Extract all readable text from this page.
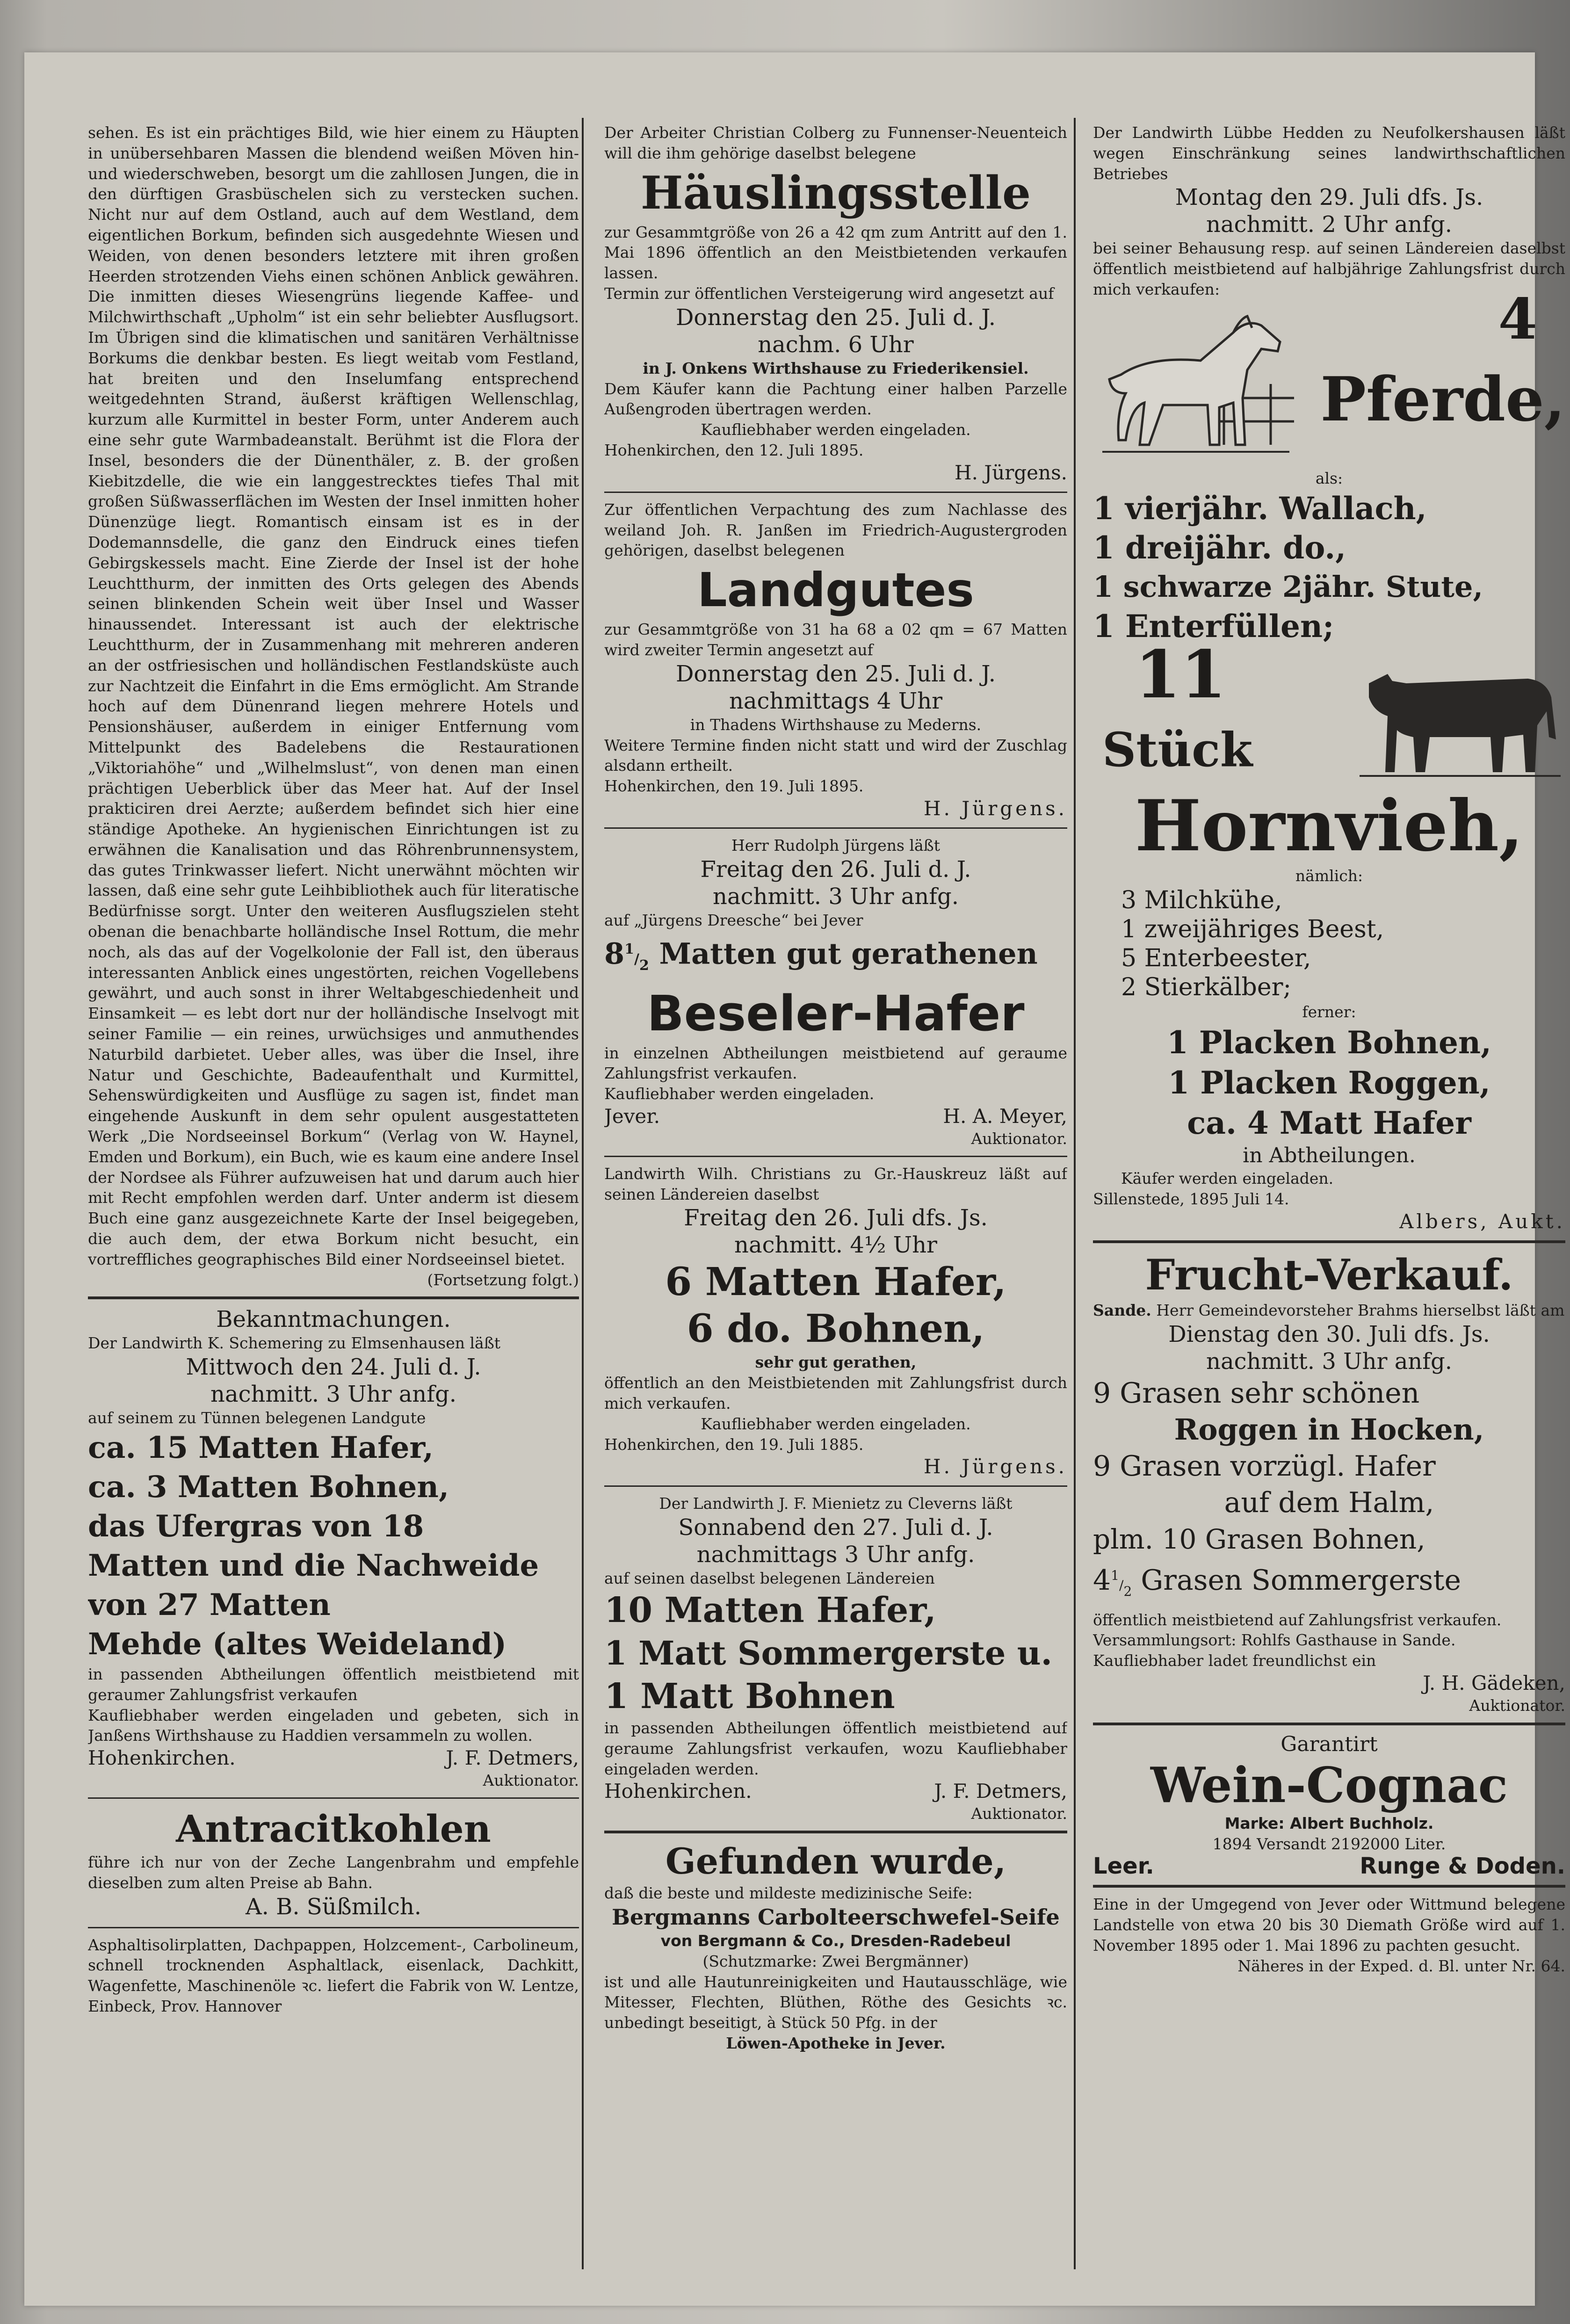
sehen. Es ist ein prächtiges Bild, wie hier einem zu Häupten in unübersehbaren Massen die blendend weißen Möven hin- und wiederschweben, besorgt um die zahllosen Jungen, die in den dürftigen Grasbüschelen sich zu verstecken suchen. Nicht nur auf dem Ostland, auch auf dem Westland, dem eigentlichen Borkum, befinden sich ausgedehnte Wiesen und Weiden, von denen besonders letztere mit ihren großen Heerden strotzenden Viehs einen schönen Anblick gewähren. Die inmitten dieses Wiesengrüns liegende Kaffee- und Milchwirthschaft „Upholm“ ist ein sehr beliebter Ausflugsort. Im Übrigen sind die klimatischen und sanitären Verhältnisse Borkums die denkbar besten. Es liegt weitab vom Festland, hat breiten und den Inselumfang entsprechend weitgedehnten Strand, äußerst kräftigen Wellenschlag, kurzum alle Kurmittel in bester Form, unter Anderem auch eine sehr gute Warmbadeanstalt. Berühmt ist die Flora der Insel, besonders die der Dünenthäler, z. B. der großen Kiebitzdelle, die wie ein langgestrecktes tiefes Thal mit großen Süßwasserflächen im Westen der Insel inmitten hoher Dünenzüge liegt. Romantisch einsam ist es in der Dodemannsdelle, die ganz den Eindruck eines tiefen Gebirgskessels macht. Eine Zierde der Insel ist der hohe Leuchtthurm, der inmitten des Orts gelegen des Abends seinen blinkenden Schein weit über Insel und Wasser hinaussendet. Interessant ist auch der elektrische Leuchtthurm, der in Zusammenhang mit mehreren anderen an der ostfriesischen und holländischen Festlandsküste auch zur Nachtzeit die Einfahrt in die Ems ermöglicht. Am Strande hoch auf dem Dünenrand liegen mehrere Hotels und Pensionshäuser, außerdem in einiger Entfernung vom Mittelpunkt des Badelebens die Restaurationen „Viktoriahöhe“ und „Wilhelmslust“, von denen man einen prächtigen Ueberblick über das Meer hat. Auf der Insel prakticiren drei Aerzte; außerdem befindet sich hier eine ständige Apotheke. An hygienischen Einrichtungen ist zu erwähnen die Kanalisation und das Röhrenbrunnensystem, das gutes Trinkwasser liefert. Nicht unerwähnt möchten wir lassen, daß eine sehr gute Leihbibliothek auch für literatische Bedürfnisse sorgt. Unter den weiteren Ausflugszielen steht obenan die benachbarte holländische Insel Rottum, die mehr noch, als das auf der Vogelkolonie der Fall ist, den überaus interessanten Anblick eines ungestörten, reichen Vogellebens gewährt, und auch sonst in ihrer Weltabgeschiedenheit und Einsamkeit — es lebt dort nur der holländische Inselvogt mit seiner Familie — ein reines, urwüchsiges und anmuthendes Naturbild darbietet. Ueber alles, was über die Insel, ihre Natur und Geschichte, Badeaufenthalt und Kurmittel, Sehenswürdigkeiten und Ausflüge zu sagen ist, findet man eingehende Auskunft in dem sehr opulent ausgestatteten Werk „Die Nordseeinsel Borkum“ (Verlag von W. Haynel, Emden und Borkum), ein Buch, wie es kaum eine andere Insel der Nordsee als Führer aufzuweisen hat und darum auch hier mit Recht empfohlen werden darf. Unter anderm ist diesem Buch eine ganz ausgezeichnete Karte der Insel beigegeben, die auch dem, der etwa Borkum nicht besucht, ein vortreffliches geographisches Bild einer Nordseeinsel bietet.

(Fortsetzung folgt.)

Bekanntmachungen.

Der Landwirth K. Schemering zu Elmsenhausen läßt

Mittwoch den 24. Juli d. J.

nachmitt. 3 Uhr anfg.

auf seinem zu Tünnen belegenen Landgute

ca. 15 Matten Hafer,

ca. 3 Matten Bohnen,

das Ufergras von 18

Matten und die Nachweide von 27 Matten

Mehde (altes Weideland)

in passenden Abtheilungen öffentlich meistbietend mit geraumer Zahlungsfrist verkaufen

Kaufliebhaber werden eingeladen und gebeten, sich in Janßens Wirthshause zu Haddien versammeln zu wollen.

Hohenkirchen.	J. F. Detmers,

Auktionator.

Antracitkohlen

führe ich nur von der Zeche Langenbrahm und empfehle dieselben zum alten Preise ab Bahn.

A. B. Süßmilch.

Asphaltisolirplatten, Dachpappen, Holzcement-, Carbolineum, schnell trocknenden Asphaltlack, eisenlack, Dachkitt, Wagenfette, Maschinenöle ꝛc. liefert die Fabrik von W. Lentze, Einbeck, Prov. Hannover

Der Arbeiter Christian Colberg zu Funnenser-Neuenteich will die ihm gehörige daselbst belegene

Häuslingsstelle

zur Gesammtgröße von 26 a 42 qm zum Antritt auf den 1. Mai 1896 öffentlich an den Meistbietenden verkaufen lassen.

Termin zur öffentlichen Versteigerung wird angesetzt auf

Donnerstag den 25. Juli d. J.

nachm. 6 Uhr

in J. Onkens Wirthshause zu Friederikensiel.

Dem Käufer kann die Pachtung einer halben Parzelle Außengroden übertragen werden.

Kaufliebhaber werden eingeladen.

Hohenkirchen, den 12. Juli 1895.

H. Jürgens.

Zur öffentlichen Verpachtung des zum Nachlasse des weiland Joh. R. Janßen im Friedrich-Augustergroden gehörigen, daselbst belegenen

Landgutes

zur Gesammtgröße von 31 ha 68 a 02 qm = 67 Matten wird zweiter Termin angesetzt auf

Donnerstag den 25. Juli d. J.

nachmittags 4 Uhr

in Thadens Wirthshause zu Mederns.

Weitere Termine finden nicht statt und wird der Zuschlag alsdann ertheilt.

Hohenkirchen, den 19. Juli 1895.

H. Jürgens.

Herr Rudolph Jürgens läßt

Freitag den 26. Juli d. J.

nachmitt. 3 Uhr anfg.

auf „Jürgens Dreesche“ bei Jever

$8^1/_2$ Matten gut gerathenen

Beseler-Hafer

in einzelnen Abtheilungen meistbietend auf geraume Zahlungsfrist verkaufen.

Kaufliebhaber werden eingeladen.

Jever.	H. A. Meyer,

Auktionator.

Landwirth Wilh. Christians zu Gr.-Hauskreuz läßt auf seinen Ländereien daselbst

Freitag den 26. Juli dfs. Js.

nachmitt. 4½ Uhr

6 Matten Hafer,

6 do. Bohnen,

sehr gut gerathen,

öffentlich an den Meistbietenden mit Zahlungsfrist durch mich verkaufen.

Kaufliebhaber werden eingeladen.

Hohenkirchen, den 19. Juli 1885.

H. Jürgens.

Der Landwirth J. F. Mienietz zu Cleverns läßt

Sonnabend den 27. Juli d. J.

nachmittags 3 Uhr anfg.

auf seinen daselbst belegenen Ländereien

10 Matten Hafer,

1 Matt Sommergerste u.

1 Matt Bohnen

in passenden Abtheilungen öffentlich meistbietend auf geraume Zahlungsfrist verkaufen, wozu Kaufliebhaber eingeladen werden.

Hohenkirchen.	J. F. Detmers,

Auktionator.

Gefunden wurde,

daß die beste und mildeste medizinische Seife:

Bergmanns Carbolteerschwefel-Seife

von Bergmann & Co., Dresden-Radebeul

(Schutzmarke: Zwei Bergmänner)

ist und alle Hautunreinigkeiten und Hautausschläge, wie Mitesser, Flechten, Blüthen, Röthe des Gesichts ꝛc. unbedingt beseitigt, à Stück 50 Pfg. in der

Löwen-Apotheke in Jever.

Der Landwirth Lübbe Hedden zu Neufolkershausen läßt wegen Einschränkung seines landwirthschaftlichen Betriebes

Montag den 29. Juli dfs. Js.

nachmitt. 2 Uhr anfg.

bei seiner Behausung resp. auf seinen Ländereien daselbst öffentlich meistbietend auf halbjährige Zahlungsfrist durch mich verkaufen:	4
Pferde,

als:

1 vierjähr. Wallach,

1 dreijähr. do.,

1 schwarze 2jähr. Stute,

1 Enterfüllen;

11
Stück

Hornvieh,

nämlich:

3 Milchkühe,

1 zweijähriges Beest,

5 Enterbeester,

2 Stierkälber;

ferner:

1 Placken Bohnen,

1 Placken Roggen,

ca. 4 Matt Hafer

in Abtheilungen.

Käufer werden eingeladen.

Sillenstede, 1895 Juli 14.

Albers, Aukt.

Frucht-Verkauf.

Sande. Herr Gemeindevorsteher Brahms hierselbst läßt am

Dienstag den 30. Juli dfs. Js.

nachmitt. 3 Uhr anfg.

9 Grasen sehr schönen

Roggen in Hocken,

9 Grasen vorzügl. Hafer

auf dem Halm,

plm. 10 Grasen Bohnen,

$4^1/_2$ Grasen Sommergerste

öffentlich meistbietend auf Zahlungsfrist verkaufen.

Versammlungsort: Rohlfs Gasthause in Sande.

Kaufliebhaber ladet freundlichst ein

J. H. Gädeken,

Auktionator.

Garantirt

Wein-Cognac

Marke: Albert Buchholz.

1894 Versandt 2192000 Liter.

Leer.	Runge & Doden.

Eine in der Umgegend von Jever oder Wittmund belegene Landstelle von etwa 20 bis 30 Diemath Größe wird auf 1. November 1895 oder 1. Mai 1896 zu pachten gesucht.

Näheres in der Exped. d. Bl. unter Nr. 64.
